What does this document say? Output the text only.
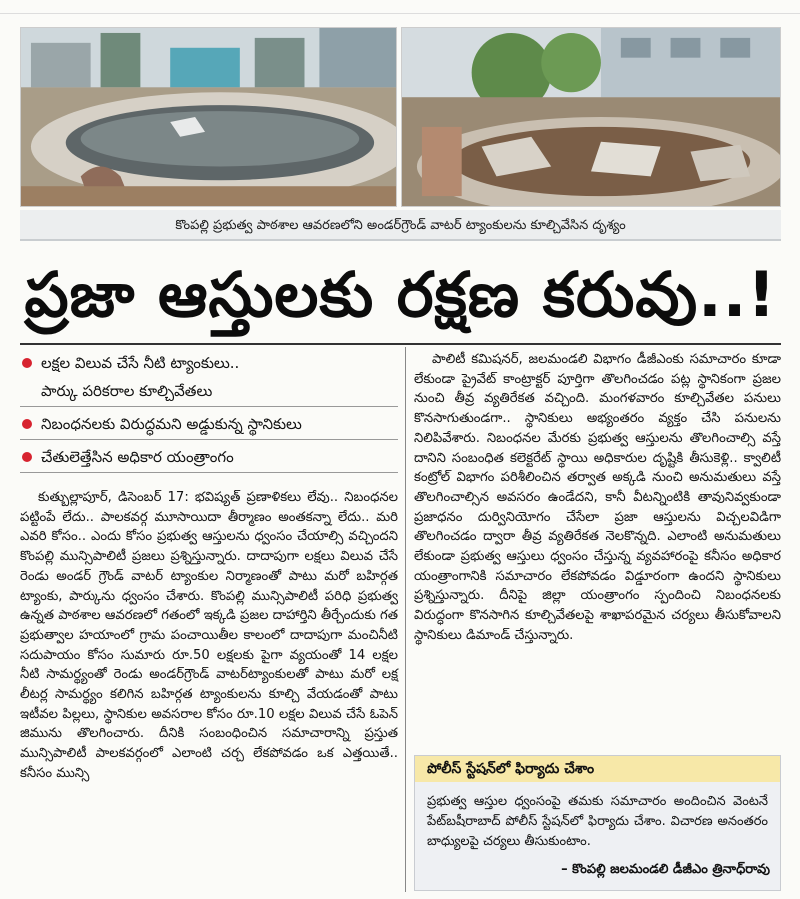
కొంపల్లి ప్రభుత్వ పాఠశాల ఆవరణలోని అండర్‌గ్రౌండ్ వాటర్ ట్యాంకులను కూల్చివేసిన దృశ్యం
ప్రజా ఆస్తులకు రక్షణ కరువు..!
లక్షల విలువ చేసే నీటి ట్యాంకులు..
పార్కు పరికరాల కూల్చివేతలు
నిబంధనలకు విరుద్ధమని అడ్డుకున్న స్థానికులు
చేతులెత్తేసిన అధికార యంత్రాంగం

కుత్బుల్లాపూర్, డిసెంబర్ 17: భవిష్యత్ ప్రణాళికలు లేవు.. నిబంధనల పట్టింపే లేదు.. పాలకవర్గ మూసాయిదా తీర్మాణం అంతకన్నా లేదు.. మరి ఎవరి కోసం.. ఎందు కోసం ప్రభుత్వ ఆస్తులను ధ్వంసం చేయాల్సి వచ్చిందని కొంపల్లి మున్సిపాలిటీ ప్రజలు ప్రశ్నిస్తున్నారు. దాదాపుగా లక్షలు విలువ చేసే రెండు అండర్ గ్రౌండ్ వాటర్ ట్యాంకుల నిర్మాణంతో పాటు మరో బహిర్గత ట్యాంకు, పార్కును ధ్వంసం చేశారు. కొంపల్లి మున్సిపాలిటీ పరిధి ప్రభుత్వ ఉన్నత పాఠశాల ఆవరణలో గతంలో ఇక్కడి ప్రజల దాహార్తిని తీర్చేందుకు గత ప్రభుత్వాల హయాంలో గ్రామ పంచాయితీల కాలంలో దాదాపుగా మంచినీటి సదుపాయం కోసం సుమారు రూ.50 లక్షలకు పైగా వ్యయంతో 14 లక్షల నీటి సామర్థ్యంతో రెండు అండర్‌గ్రౌండ్ వాటర్‌ట్యాంకులతో పాటు మరో లక్ష లీటర్ల సామర్థ్యం కలిగిన బహిర్గత ట్యాంకులను కూల్చి వేయడంతో పాటు ఇటీవల పిల్లలు, స్థానికుల అవసరాల కోసం రూ.10 లక్షల విలువ చేసే ఓపెన్ జిమును తొలగించారు. దీనికి సంబంధించిన సమాచారాన్ని ప్రస్తుత మున్సిపాలిటీ పాలకవర్గంలో ఎలాంటి చర్చ లేకపోవడం ఒక ఎత్తయితే.. కనీసం మున్సి

పాలిటీ కమిషనర్, జలమండలి విభాగం డీజీఎంకు సమాచారం కూడా లేకుండా ప్రైవేట్ కాంట్రాక్టర్ పూర్తిగా తొలగించడం పట్ల స్థానికంగా ప్రజల నుంచి తీవ్ర వ్యతిరేకత వచ్చింది. మంగళవారం కూల్చివేతల పనులు కొనసాగుతుండగా.. స్థానికులు అభ్యంతరం వ్యక్తం చేసి పనులను నిలిపివేశారు. నిబంధనల మేరకు ప్రభుత్వ ఆస్తులను తొలగించాల్సి వస్తే దానిని సంబంధిత కలెక్టరేట్ స్థాయి అధికారుల దృష్టికి తీసుకెళ్లి.. క్వాలిటీ కంట్రోల్ విభాగం పరిశీలించిన తర్వాత అక్కడి నుంచి అనుమతులు వస్తే తొలగించాల్సిన అవసరం ఉండేదని, కానీ వీటన్నింటికి తావునివ్వకుండా ప్రజాధనం దుర్వినియోగం చేసేలా ప్రజా ఆస్తులను విచ్చలవిడిగా తొలగించడం ద్వారా తీవ్ర వ్యతిరేకత నెలకొన్నది. ఎలాంటి అనుమతులు లేకుండా ప్రభుత్వ ఆస్తులు ధ్వంసం చేస్తున్న వ్యవహారంపై కనీసం అధికార యంత్రాంగానికి సమాచారం లేకపోవడం విడ్డూరంగా ఉందని స్థానికులు ప్రశ్నిస్తున్నారు. దీనిపై జిల్లా యంత్రాంగం స్పందించి నిబంధనలకు విరుద్ధంగా కొనసాగిన కూల్చివేతలపై శాఖాపరమైన చర్యలు తీసుకోవాలని స్థానికులు డిమాండ్ చేస్తున్నారు.

పోలీస్ స్టేషన్‌లో ఫిర్యాదు చేశాం
ప్రభుత్వ ఆస్తుల ధ్వంసంపై తమకు సమాచారం అందించిన వెంటనే పేట్‌బషీరాబాద్ పోలీస్ స్టేషన్‌లో ఫిర్యాదు చేశాం. విచారణ అనంతరం బాధ్యులపై చర్యలు తీసుకుంటాం.
– కొంపల్లి జలమండలి డీజీఎం త్రినాధ్‌రావు
